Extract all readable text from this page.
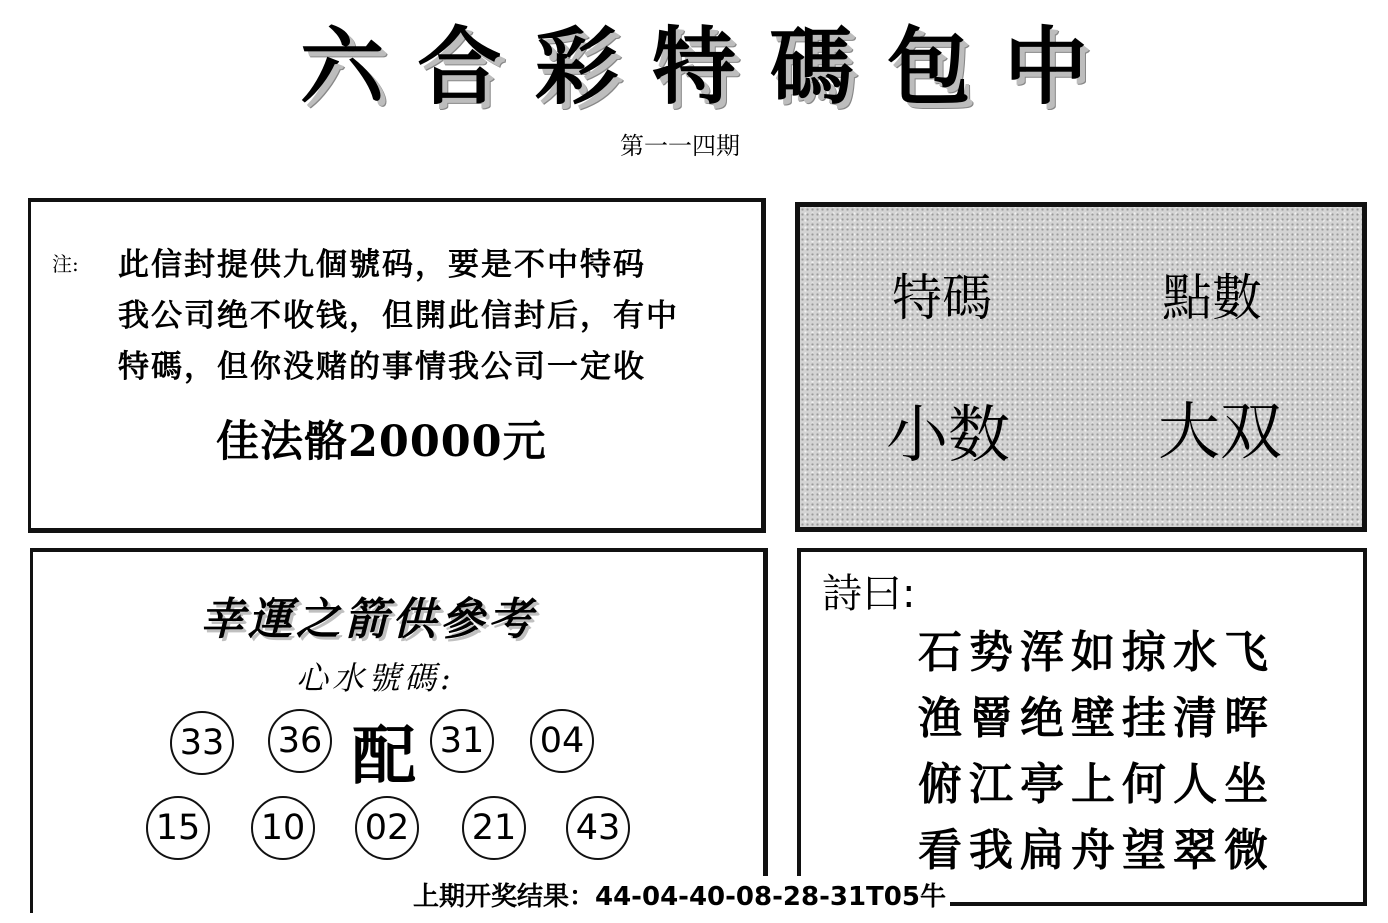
六 合 彩 特 碼 包 中
第一一四期
注: 此信封提供九個號码，要是不中特码
我公司绝不收钱，但開此信封后，有中
特碼，但你没赌的事情我公司一定收
佳法骼20000元
特碼	點數
小数 大双
幸運之箭供參考
心水號碼:
配
33 36	31 04
15 10 02 21 43
詩曰:
石势浑如掠水飞
渔罾绝壁挂清晖
俯江亭上何人坐
看我扁舟望翠微
上期开奖结果：44-04-40-08-28-31T05牛
